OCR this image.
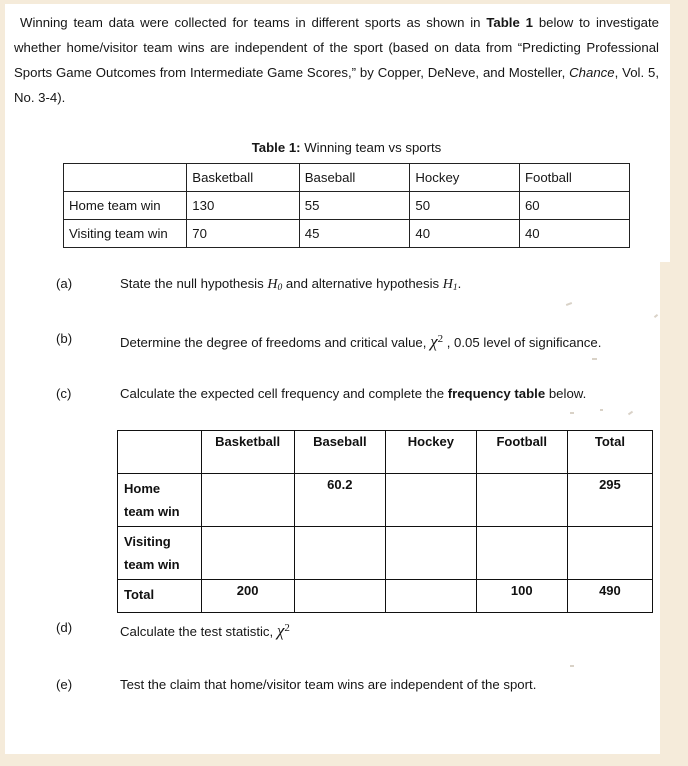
Winning team data were collected for teams in different sports as shown in Table 1 below to investigate whether home/visitor team wins are independent of the sport (based on data from “Predicting Professional Sports Game Outcomes from Intermediate Game Scores,” by Copper, DeNeve, and Mosteller, Chance, Vol. 5, No. 3-4).
Table 1: Winning team vs sports
	Basketball	Baseball	Hockey	Football
Home team win	130	55	50	60
Visiting team win	70	45	40	40
(a)	State the null hypothesis $H_0$ and alternative hypothesis $H_1$.
(b)	Determine the degree of freedoms and critical value, $\chi^2$ , 0.05 level of significance.
(c)	Calculate the expected cell frequency and complete the frequency table below.
	Basketball	Baseball	Hockey	Football	Total
Home
team win		60.2			295
Visiting
team win					
Total	200			100	490
(d)	Calculate the test statistic, $\chi^2$
(e)	Test the claim that home/visitor team wins are independent of the sport.
